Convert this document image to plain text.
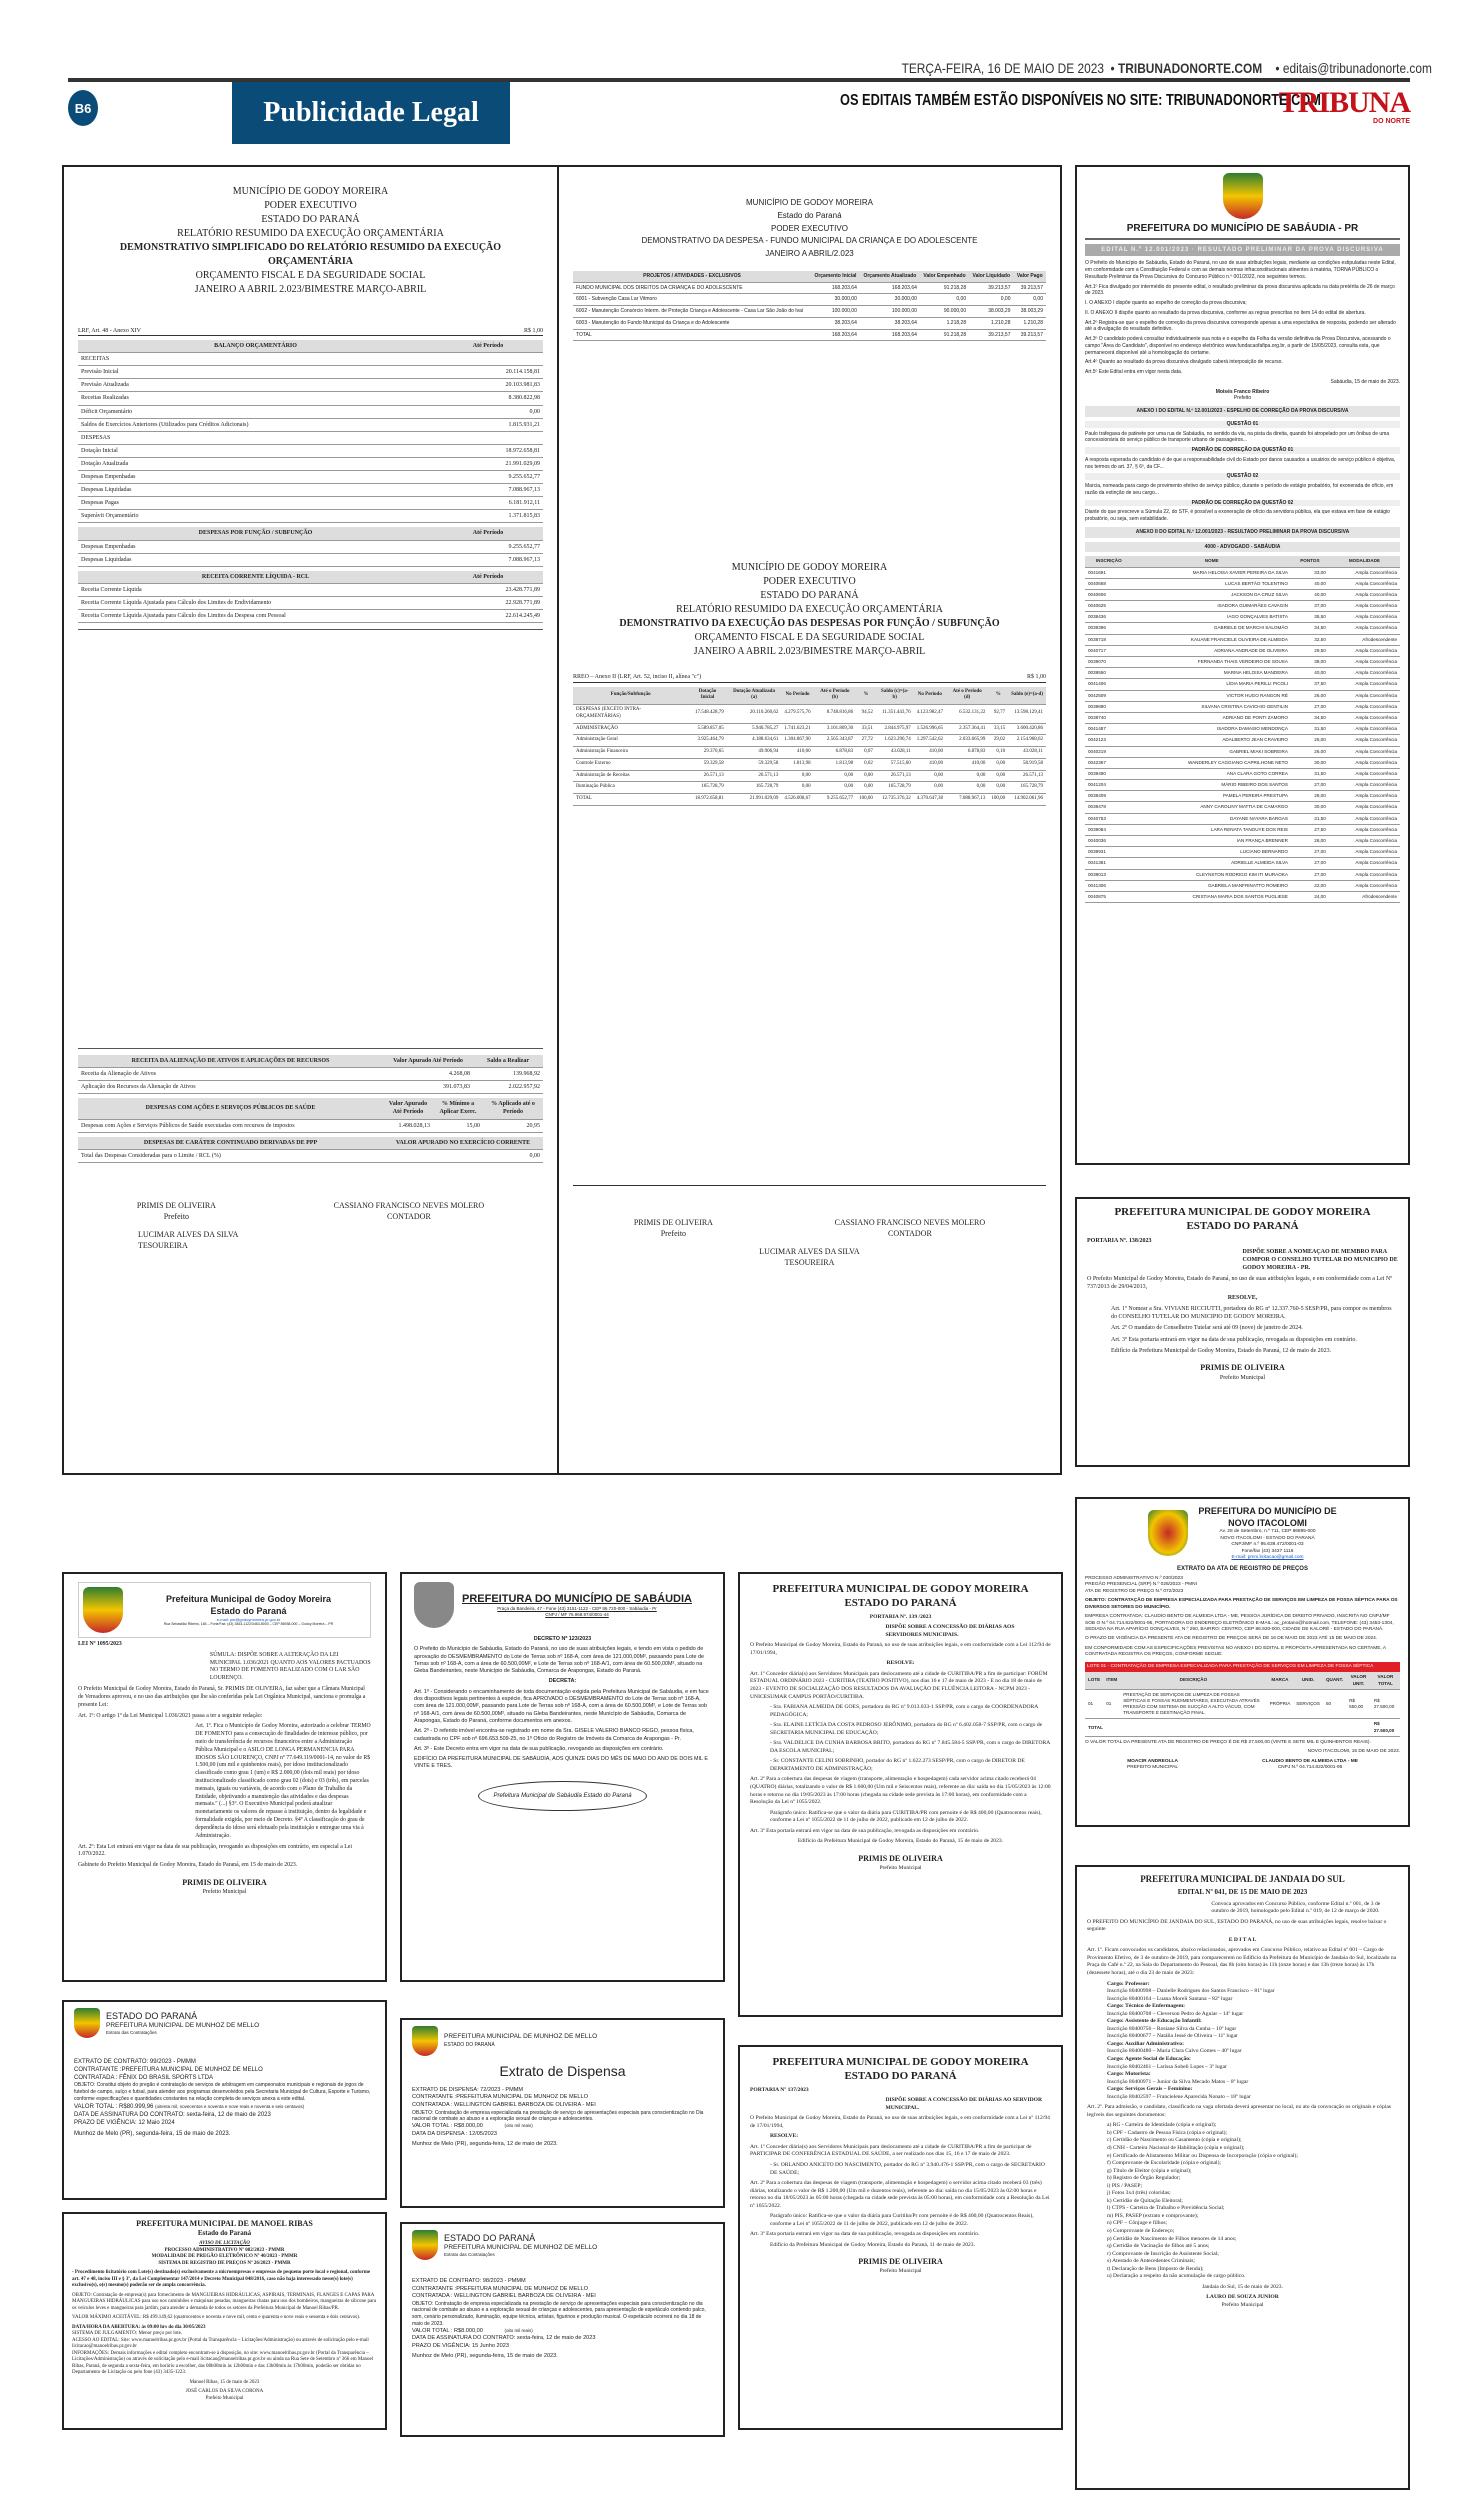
TERÇA-FEIRA, 16 DE MAIO DE 2023  • TRIBUNADONORTE.COM    • editais@tribunadonorte.com
B6	Publicidade Legal	OS EDITAIS TAMBÉM ESTÃO DISPONÍVEIS NO SITE: TRIBUNADONORTE.COM
TRIBUNA
DO NORTE
MUNICÍPIO DE GODOY MOREIRA
PODER EXECUTIVO
ESTADO DO PARANÁ
RELATÓRIO RESUMIDO DA EXECUÇÃO ORÇAMENTÁRIA
DEMONSTRATIVO SIMPLIFICADO DO RELATÓRIO RESUMIDO DA EXECUÇÃO ORÇAMENTÁRIA
ORÇAMENTO FISCAL E DA SEGURIDADE SOCIAL
JANEIRO A ABRIL 2.023/BIMESTRE MARÇO-ABRIL
LRF, Art. 48 - Anexo XIV	R$ 1,00
BALANÇO ORÇAMENTÁRIO	Até Período
RECEITAS	
Previsão Inicial	20.114.158,81
Previsão Atualizada	20.103.981,83
Receitas Realizadas	8.380.822,98
Déficit Orçamentário	0,00
Saldos de Exercícios Anteriores (Utilizados para Créditos Adicionais)	1.815.931,21
DESPESAS	
Dotação Inicial	18.972.658,81
Dotação Atualizada	21.991.029,09
Despesas Empenhadas	9.255.652,77
Despesas Liquidadas	7.088.967,13
Despesas Pagas	6.181.912,11
Superávit Orçamentário	1.371.815,83
DESPESAS POR FUNÇÃO / SUBFUNÇÃO	Até Período
Despesas Empenhadas	9.255.652,77
Despesas Liquidadas	7.088.967,13
RECEITA CORRENTE LÍQUIDA - RCL	Até Período
Receita Corrente Líquida	23.428.771,89
Receita Corrente Líquida Ajustada para Cálculo dos Limites de Endividamento	22.928.771,89
Receita Corrente Líquida Ajustada para Cálculo dos Limites da Despesa com Pessoal	22.614.245,49
RECEITA DA ALIENAÇÃO DE ATIVOS E APLICAÇÕES DE RECURSOS	Valor Apurado Até Período	Saldo a Realizar
Receita da Alienação de Ativos	4.268,08	139.968,92
Aplicação dos Recursos da Alienação de Ativos	391.073,83	2.022.957,92
DESPESAS COM AÇÕES E SERVIÇOS PÚBLICOS DE SAÚDE	Valor Apurado Até Período	% Mínimo a Aplicar Exerc.	% Aplicado até o Período
Despesas com Ações e Serviços Públicos de Saúde executadas com recursos de impostos	1.498.028,13	15,00	20,95
DESPESAS DE CARÁTER CONTINUADO DERIVADAS DE PPP	VALOR APURADO NO EXERCÍCIO CORRENTE
Total das Despesas Consideradas para o Limite / RCL (%)	0,00
PRIMIS DE OLIVEIRA
Prefeito
CASSIANO FRANCISCO NEVES MOLERO
CONTADOR
LUCIMAR ALVES DA SILVA
TESOUREIRA
MUNICÍPIO DE GODOY MOREIRA
Estado do Paraná
PODER EXECUTIVO
DEMONSTRATIVO DA DESPESA - FUNDO MUNICIPAL DA CRIANÇA E DO ADOLESCENTE
JANEIRO A ABRIL/2.023
PROJETOS / ATIVIDADES - EXCLUSIVOS	Orçamento Inicial	Orçamento Atualizado	Valor Empenhado	Valor Liquidado	Valor Pago
FUNDO MUNICIPAL DOS DIREITOS DA CRIANÇA E DO ADOLESCENTE	168.203,64	168.203,64	91.218,28	39.213,57	39.213,57
6001 - Subvenção Casa Lar Vitmoro	30.000,00	30.000,00	0,00	0,00	0,00
6002 - Manutenção Consórcio Interm. de Proteção Criança e Adolescente - Casa Lar São João do Ivaí	100.000,00	100.000,00	90.000,00	38.003,29	38.003,29
6003 - Manutenção do Fundo Municipal da Criança e do Adolescente	38.203,64	38.203,64	1.218,28	1.210,28	1.210,28
TOTAL	168.203,64	168.203,64	91.218,28	39.213,57	39.213,57
MUNICÍPIO DE GODOY MOREIRA
PODER EXECUTIVO
ESTADO DO PARANÁ
RELATÓRIO RESUMIDO DA EXECUÇÃO ORÇAMENTÁRIA
DEMONSTRATIVO DA EXECUÇÃO DAS DESPESAS POR FUNÇÃO / SUBFUNÇÃO
ORÇAMENTO FISCAL E DA SEGURIDADE SOCIAL
JANEIRO A ABRIL 2.023/BIMESTRE MARÇO-ABRIL
RREO – Anexo II (LRF, Art. 52, inciso II, alínea "c")	R$ 1,00
Função/Subfunção	Dotação Inicial	Dotação Atualizada (a)	No Período	Até o Período (b)	%	Saldo (c)=(a-b)	No Período	Até o Período (d)	%	Saldo (e)=(a-d)
DESPESAS (EXCETO INTRA-ORÇAMENTÁRIAS)	17.548.428,79	20.110.260,62	4.279.575,76	8.748.816,86	94,52	11.351.443,76	4.123.982,47	6.532.131,22	92,77	13.598.129,41
ADMINISTRAÇÃO	5.589.857,05	5.946.785,27	1.741.623,21	3.101.809,30	33,51	2.844.975,97	1.526.996,65	2.357.364,41	33,15	3.600.420,86
Administração Geral	3.925.464,79	4.188.634,61	1.304.867,90	2.565.343,87	27,72	1.623.290,74	1.297.542,62	2.033.665,99	29,02	2.154.968,62
Administração Financeira	29.370,65	49.906,94	410,00	6.878,83	0,07	43.028,11	410,00	6.878,83	0,10	43.028,11
Controle Externo	59.329,58	59.329,58	1.813,98	1.813,98	0,02	57.515,60	410,00	410,00	0,00	58.919,58
Administração de Receitas	26.571,13	26.571,13	0,00	0,00	0,00	26.571,13	0,00	0,00	0,00	26.571,13
Iluminação Pública	165.728,79	165.728,79	0,00	0,00	0,00	165.728,79	0,00	0,00	0,00	165.728,79
TOTAL	18.972.658,81	21.991.029,09	4.526.008,67	9.255.652,77	100,00	12.735.376,32	4.370.647,38	7.088.967,13	100,00	14.902.061,96
PRIMIS DE OLIVEIRA
Prefeito
CASSIANO FRANCISCO NEVES MOLERO
CONTADOR
LUCIMAR ALVES DA SILVA
TESOUREIRA
PREFEITURA DO MUNICÍPIO DE SABÁUDIA - PR
EDITAL N.º 12.001/2023 · RESULTADO PRELIMINAR DA PROVA DISCURSIVA

O Prefeito do Município de Sabáudia, Estado do Paraná, no uso de suas atribuições legais, mediante as condições estipuladas neste Edital, em conformidade com a Constituição Federal e com as demais normas infraconstitucionais atinentes à matéria, TORNA PÚBLICO o Resultado Preliminar da Prova Discursiva do Concurso Público n.º 001/2022, nos seguintes termos.

Art.1º Fica divulgado por intermédio do presente edital, o resultado preliminar da prova discursiva aplicada na data pretérita de 26 de março de 2023.

I. O ANEXO I dispõe quanto ao espelho de correção da prova discursiva;

II. O ANEXO II dispõe quanto ao resultado da prova discursiva, conforme as regras prescritas no item 14 do edital de abertura.

Art.2º Registra-se que o espelho de correção da prova discursiva corresponde apenas a uma expectativa de resposta, podendo ser alterado até a divulgação do resultado definitivo.

Art.3º O candidato poderá consultar individualmente sua nota e o espelho da Folha da versão definitiva da Prova Discursiva, acessando o campo "Área do Candidato", disponível no endereço eletrônico www.fundacaofafipa.org.br, a partir de 15/05/2023, consulta esta, que permanecerá disponível até a homologação do certame.

Art.4º Quanto ao resultado da prova discursiva divulgado caberá interposição de recurso.

Art.5º Este Edital entra em vigor nesta data.

Sabáudia, 15 de maio de 2023.

Moisés Franco Ribeiro
Prefeito
ANEXO I DO EDITAL N.º 12.001/2023 - ESPELHO DE CORREÇÃO DA PROVA DISCURSIVA
QUESTÃO 01

Paulo trafegava de patinete por uma rua de Sabáudia, no sentido da via, na pista da direita, quando foi atropelado por um ônibus de uma concessionária do serviço público de transporte urbano de passageiros...

PADRÃO DE CORREÇÃO DA QUESTÃO 01

A resposta esperada do candidato é de que a responsabilidade civil do Estado por danos causados a usuários do serviço público é objetiva, nos termos do art. 37, § 6º, da CF...

QUESTÃO 02

Marcia, nomeada para cargo de provimento efetivo de serviço público, durante o período de estágio probatório, foi exonerada de ofício, em razão da extinção de seu cargo...

PADRÃO DE CORREÇÃO DA QUESTÃO 02

Diante do que prescreve a Súmula 22, do STF, é possível a exoneração de ofício da servidora pública, ela que estava em fase de estágio probatório, ou seja, sem estabilidade.

ANEXO II DO EDITAL N.º 12.001/2023 - RESULTADO PRELIMINAR DA PROVA DISCURSIVA
4000 - ADVOGADO - SABÁUDIA
INSCRIÇÃO	NOME	PONTOS	MODALIDADE
0041691	MARIA HELOISA XAVIER PEREIRA DA SILVA	33,00	Ampla Concorrência
0040668	LUCAS BERTÃO TOLENTINO	40,00	Ampla Concorrência
0040606	JACKSON DA CRUZ SILVA	40,00	Ampla Concorrência
0040625	ISADORA GUIMARÃES CAVAGIN	37,00	Ampla Concorrência
0038436	IAGO GONÇALVES BATISTA	35,50	Ampla Concorrência
0039396	GABRIELE DE MARCHI SALOMÃO	34,50	Ampla Concorrência
0038718	KAUANE FRANCIELE OLIVEIRA DE ALMEIDA	32,50	Afrodescendente
0040717	ADRIANA ANDRADE DE OLIVEIRA	29,50	Ampla Concorrência
0039070	FERNANDA THAIS VERDEIRO DE SOUSA	38,00	Ampla Concorrência
0039550	MARINA HELOISA MANDEIRA	40,00	Ampla Concorrência
0041406	LÍDIA MARIA PERILLI PICOLI	37,50	Ampla Concorrência
0042509	VICTOR HUGO RANGON RÉ	26,00	Ampla Concorrência
0039890	SILVANA CRISTINA CAVICHIO GENTILIN	27,00	Ampla Concorrência
0038740	ADRIANO DE PONTI ZAMORO	34,50	Ampla Concorrência
0041487	ISADORA DAMASIO MENDONÇA	31,50	Ampla Concorrência
0042123	ADALBERTO JEAN CRAVEIRO	25,00	Ampla Concorrência
0040219	GABRIEL MIAKI SOBREIRA	26,00	Ampla Concorrência
0042367	WANDERLEY CAGGIANO CAPRILHONE NETO	30,00	Ampla Concorrência
0039490	ANA CLARA GOTO CORREA	31,50	Ampla Concorrência
0041204	MÁRIO RIBEIRO DOS SANTOS	27,00	Ampla Concorrência
0038409	PAMELA PEREIRA PRESTUPA	28,00	Ampla Concorrência
0039478	ANNY CAROLINY MATTIA DE CAMARGO	30,00	Ampla Concorrência
0040753	DAYANE NAYARA BARGAS	31,50	Ampla Concorrência
0039084	LARA RENATA TANOUYE DOS REIS	27,50	Ampla Concorrência
0040036	IAN FRANÇA BRENNER	26,00	Ampla Concorrência
0039931	LUCIANO BERNARDO	27,00	Ampla Concorrência
0041381	ADRIELLE ALMEIDA SILVA	27,00	Ampla Concorrência
0039013	CLEYNSTON RODRIGO KIM ITI MURAOKA	27,00	Ampla Concorrência
0041306	GABRIELA MANFRINATTO ROMEIRO	22,00	Ampla Concorrência
0040875	CRISTIANA MARIA DOS SANTOS PUGLIESE	24,00	Afrodescendente
PREFEITURA MUNICIPAL DE GODOY MOREIRA
ESTADO DO PARANÁ

PORTARIA Nº. 138/2023

DISPÕE SOBRE A NOMEAÇAO DE MEMBRO PARA COMPOR O CONSELHO TUTELAR DO MUNICIPIO DE GODOY MOREIRA - PR.

O Prefeito Municipal de Godoy Moreira, Estado do Paraná, no uso de suas atribuições legais, e em conformidade com a Lei Nº 737/2013 de 29/04/2013,

RESOLVE,

Art. 1º Nomear a Sra. VIVIANE RICCIUTTI, portadora do RG nº 12.337.760-5 SESP/PR, para compor os membros do CONSELHO TUTELAR DO MUNICIPIO DE GODOY MOREIRA.

Art. 2º O mandato de Conselheiro Tutelar será até 09 (nove) de janeiro de 2024.

Art. 3º Esta portaria entrará em vigor na data de sua publicação, revogada as disposições em contrário.

Edifício da Prefeitura Municipal de Godoy Moreira, Estado do Paraná, 12 de maio de 2023.

PRIMIS DE OLIVEIRA
Prefeito Municipal
PREFEITURA DO MUNICÍPIO DE
NOVO ITACOLOMI
Av. 28 de Setembro, n.º 711, CEP 86895-000
NOVO ITACOLOMI - ESTADO DO PARANÁ
CNPJ/MF n.º 95.639.472/0001-03
Fone/fax (43) 3437 1116
E-mail: pmni.licitacao@gmail.com

EXTRATO DA ATA DE REGISTRO DE PREÇOS

PROCESSO ADMINISTRATIVO N.º 030/2023
PREGÃO PRESENCIAL (SRP) N.º 026/2023 - PMNI
ATA DE REGISTRO DE PREÇO N.º 072/2023

OBJETO: CONTRATAÇÃO DE EMPRESA ESPECIALIZADA PARA PRESTAÇÃO DE SERVIÇOS EM LIMPEZA DE FOSSA SÉPTICA PARA OS DIVERSOS SETORES DO MUNICÍPIO.

EMPRESA CONTRATADA: CLAUDIO BENTO DE ALMEIDA LTDA - ME, PESSOA JURÍDICA DE DIREITO PRIVADO, INSCRITA NO CNPJ/MF SOB O N.º 04.714.822/0001-95, PORTADORA DO ENDEREÇO ELETRÔNICO E-MAIL: ac_protano@hotmail.com, TELEFONE: (43) 3453-1304, SEDIADA NA RUA APARÍCIO GONÇALVES, N.º 290, BAIRRO: CENTRO, CEP 86.920-000, CIDADE DE KALORÉ - ESTADO DO PARANÁ.

O PRAZO DE VIGÊNCIA DA PRESENTE ATA DE REGISTRO DE PREÇOS SERÁ DE 16 DE MAIO DE 2023 ATÉ 15 DE MAIO DE 2024.

EM CONFORMIDADE COM AS ESPECIFICAÇÕES PREVISTAS NO ANEXO I DO EDITAL E PROPOSTA APRESENTADA NO CERTAME, A CONTRATADA REGISTRA OS PREÇOS, CONFORME SEGUE:

LOTE 01 - CONTRATAÇÃO DE EMPRESA ESPECIALIZADA PARA PRESTAÇÃO DE SERVIÇOS EM LIMPEZA DE FOSSA SÉPTICA
LOTE	ITEM	DESCRIÇÃO	MARCA	UNID.	QUANT.	VALOR UNIT.	VALOR TOTAL
01	01	PRESTAÇÃO DE SERVIÇOS DE LIMPEZA DE FOSSAS SÉPTICAS E FOSSAS RUDIMENTARES, EXECUTADA ATRAVÉS PRESSÃO COM SISTEMA DE SUCÇÃO A ALTO VÁCUO, COM TRANSPORTE E DESTINAÇÃO FINAL.	PRÓPRIA	SERVIÇOS	50	R$ 550,00	R$ 27.500,00
TOTAL							R$ 27.500,00

O VALOR TOTAL DA PRESENTE ATA DE REGISTRO DE PREÇO É DE R$ 27.500,00 (VINTE E SETE MIL E QUINHENTOS REAIS).

NOVO ITACOLOMI, 15 DE MAIO DE 2023.

MOACIR ANDREOLLA
PREFEITO MUNICIPAL
CLAUDIO BENTO DE ALMEIDA LTDA - ME
CNPJ N.º 04.714.822/0001-95
PREFEITURA MUNICIPAL DE JANDAIA DO SUL

EDITAL Nº 041, DE 15 DE MAIO DE 2023

Convoca aprovados em Concurso Público, conforme Edital n.º 001, de 3 de outubro de 2019, homologado pelo Edital n.º 019, de 12 de março de 2020.

O PREFEITO DO MUNICÍPIO DE JANDAIA DO SUL, ESTADO DO PARANÁ, no uso de suas atribuições legais, resolve baixar o seguinte

E D I T A L

Art. 1º. Ficam convocados os candidatos, abaixo relacionados, aprovados em Concurso Público, relativo ao Edital nº 001 – Cargo de Provimento Efetivo, de 3 de outubro de 2019, para comparecerem no Edifício da Prefeitura do Município de Jandaia do Sul, localizado na Praça do Café n.º 22, na Sala do Departamento do Pessoal, das 8h (oito horas) às 11h (onze horas) e das 13h (treze horas) às 17h (dezessete horas), até o dia 23 de maio de 2023:

Cargo: Professor:
Inscrição 80400998 – Danielle Rodrigues dos Santos Francisco – 81º lugar
Inscrição 80400164 – Luana Moreli Santana – 82º lugar
Cargo: Técnico de Enfermagem:
Inscrição 80400708 – Cleverson Pedro de Aguiar – 14º lugar
Cargo: Assistente de Educação Infantil:
Inscrição 80400756 – Rosiane Silva da Cunha – 10º lugar
Inscrição 80400677 – Natália Jessé de Oliveira – 11º lugar
Cargo: Auxiliar Administrativo:
Inscrição 80400480 – Maria Clara Calvo Gomes – 40º lugar
Cargo: Agente Social de Educação:
Inscrição 80402461 – Larissa Sobeli Lopes – 3º lugar
Cargo: Motorista:
Inscrição 80400971 – Junior da Silva Mecado Matos – 8º lugar
Cargo: Serviços Gerais – Feminino:
Inscrição 80402597 – Francielene Aparecida Nonato – 18º lugar

Art. 2º. Para admissão, o candidato, classificado na vaga ofertada deverá apresentar no local, no ato da convocação os originais e cópias legíveis dos seguintes documentos:

a) RG - Carteira de Identidade (cópia e original);
b) CPF - Cadastro de Pessoa Física (cópia e original);
c) Certidão de Nascimento ou Casamento (cópia e original);
d) CNH - Carteira Nacional de Habilitação (cópia e original);
e) Certificado de Alistamento Militar ou Dispensa de Incorporação (cópia e original);
f) Comprovante de Escolaridade (cópia e original);
g) Título de Eleitor (cópia e original);
h) Registro de Órgão Regulador;
i) PIS / PASEP;
j) Fotos 3x4 (três) coloridas;
k) Certidão de Quitação Eleitoral;
l) CTPS - Carteira de Trabalho e Previdência Social;
m) PIS, PASEP (extrato e comprovante);
n) CPF – Cônjuge e filhos;
o) Comprovante de Endereço;
p) Certidão de Nascimento de Filhos menores de 14 anos;
q) Certidão de Vacinação de filhos até 5 anos;
r) Comprovante de Inscrição de Assistente Social;
s) Atestado de Antecedentes Criminais;
t) Declaração de Bens (Imposto de Renda);
u) Declaração a respeito da não acumulação de cargo público.

Jandaia do Sul, 15 de maio de 2023.

LAURO DE SOUZA JUNIOR
Prefeito Municipal
Prefeitura Municipal de Godoy Moreira
Estado do Paraná
e-mail: pm@godoymoreira.pr.gov.br
Rua Sebastião Ribeiro, 184 – Fone/Fax: (43) 3463-1122/3463-8000 – CEP 86938-000 – Godoy Moreira – PR

LEI Nº 1095/2023

SÚMULA: DISPÕE SOBRE A ALTERAÇÃO DA LEI MUNICIPAL 1.036/2021 QUANTO AOS VALORES PACTUADOS NO TERMO DE FOMENTO REALIZADO COM O LAR SÃO LOURENÇO.

O Prefeito Municipal de Godoy Moreira, Estado do Paraná, Sr. PRIMIS DE OLIVEIRA, faz saber que a Câmara Municipal de Vereadores aprovou, e no uso das atribuições que lhe são conferidas pela Lei Orgânica Municipal, sanciona e promulga a presente Lei:

Art. 1º: O artigo 1º da Lei Municipal 1.036/2021 passa a ter a seguinte redação:

Art. 1º. Fica o Município de Godoy Moreira, autorizado a celebrar TERMO DE FOMENTO para a consecução de finalidades de interesse público, por meio de transferência de recursos financeiros entre a Administração Pública Municipal e o ASILO DE LONGA PERMANENCIA PARA IDOSOS SÃO LOURENÇO, CNPJ nº 77.649.119/0001-14, no valor de R$ 1.500,00 (um mil e quinhentos reais), por idoso institucionalizado classificado como grau 1 (um) e R$ 2.000,00 (dois mil reais) por idoso institucionalizado classificado como grau 02 (dois) e 03 (três), em parcelas mensais, iguais ou variáveis, de acordo com o Plano de Trabalho da Entidade, objetivando a manutenção das atividades e das despesas mensais." (...) §3º. O Executivo Municipal poderá atualizar monetariamente os valores de repasse à instituição, dentro da legalidade e formalidade exigida, por meio de Decreto. §4º A classificação do grau de dependência do idoso será efetuado pela instituição e entregue uma via à Administração.

Art. 2º: Esta Lei entrará em vigor na data de sua publicação, revogando as disposições em contrário, em especial a Lei 1.070/2022.

Gabinete do Prefeito Municipal de Godoy Moreira, Estado do Paraná, em 15 de maio de 2023.

PRIMIS DE OLIVEIRA
Prefeito Municipal
PREFEITURA DO MUNICÍPIO DE SABÁUDIA
Praça da Bandeira, 47 - Fone (43) 3151-1122 - CEP 86.720-000 - Sabáudia - Pr
CNPJ / MF 76.968.974/0001-44

DECRETO Nº 123/2023

O Prefeito do Município de Sabáudia, Estado do Paraná, no uso de suas atribuições legais, e tendo em vista o pedido de aprovação do DESMEMBRAMENTO do Lote de Terras sob nº 168-A, com área de 121.000,00M², passando para Lote de Terras sob nº 168-A, com a área de 60.500,00M², e Lote de Terras sob nº 168-A/1, com área de 60.500,00M², situado na Gleba Bandeirantes, neste Município de Sabáudia, Comarca de Arapongas, Estado do Paraná.

DECRETA:

Art. 1º - Considerando o encaminhamento de toda documentação exigida pela Prefeitura Municipal de Sabáudia, e em face dos dispositivos legais pertinentes à espécie, fica APROVADO o DESMEMBRAMENTO do Lote de Terras sob nº 168-A, com área de 121.000,00M², passando para Lote de Terras sob nº 168-A, com a área de 60.500,00M², e Lote de Terras sob nº 168-A/1, com área de 60.500,00M², situado na Gleba Bandeirantes, neste Município de Sabáudia, Comarca de Arapongas, Estado do Paraná, conforme documentos em anexos.

Art. 2º - O referido imóvel encontra-se registrado em nome da Sra. GISELE VALERIO BIANCO REGO, pessoa física, cadastrada no CPF sob nº 696.653.509-25, no 1º Ofício do Registro de Imóveis da Comarca de Arapongas - Pr.

Art. 3º - Este Decreto entra em vigor na data de sua publicação, revogando as disposições em contrário.

EDIFÍCIO DA PREFEITURA MUNICIPAL DE SABÁUDIA, AOS QUINZE DIAS DO MÊS DE MAIO DO ANO DE DOIS MIL E VINTE E TRES.

Prefeitura Municipal de Sabáudia Estado do Paraná
PREFEITURA MUNICIPAL DE GODOY MOREIRA
ESTADO DO PARANÁ

PORTARIA Nº. 139 /2023

DISPÕE SOBRE A CONCESSÃO DE DIÁRIAS AOS SERVIDORES MUNICIPAIS.

O Prefeito Municipal de Godoy Moreira, Estado do Paraná, no uso de suas atribuições legais, e em conformidade com a Lei 112/94 de 17/01/1994,

RESOLVE:

Art. 1º Conceder diária(s) aos Servidores Municipais para deslocamento até a cidade de CURITIBA/PR a fim de participar: FORÚM ESTADUAL ORDINÁRIO 2023 - CURITIBA (TEATRO POSITIVO), nos dias 16 e 17 de maio de 2023 - E no dia 18 de maio de 2023 - EVENTO DE SOCIALIZAÇÃO DOS RESULTADOS DA AVALIAÇÃO DE FLUÊNCIA LEITORA - NCPM 2023 - UNICESUMAR CAMPUS PORTÃO/CURITIBA.

- Sra. FABIANA ALMEIDA DE GOES, portadora do RG nº 9.013.033-1 SSP/PR, com o cargo de COORDENADORA PEDAGÓGICA;

- Sra. ELAINE LETÍCIA DA COSTA PEDROSO JERÔNIMO, portadora do RG nº 6.402.058-7 SSP/PR, com o cargo de SECRETARIA MUNICIPAL DE EDUCAÇÃO;

- Sra. VALDELICE DA CUNHA BARBOSA BRITO, portadora do RG nº 7.845.584-5 SSP/PR, com o cargo de DIRETORA DA ESCOLA MUNICIPAL;

- Sr. CONSTANTE CELINI SOBRINHO, portador do RG nº 1.622.273 SESP/PR, com o cargo de DIRETOR DE DEPARTAMENTO DE ADMINISTRAÇÃO;

Art. 2º Para a cobertura das despesas de viagem (transporte, alimentação e hospedagem) cada servidor acima citado receberá 04 (QUATRO) diárias, totalizando o valor de R$ 1.600,00 (Um mil e Seiscentos reais), referente ao dia: saída no dia 15/05/2023 às 12:00 horas e retorno no dia 19/05/2023 às 17:00 horas (chegada na cidade sede prevista às 17:00 horas), em conformidade com a Resolução da Lei nº 1055/2022.

Parágrafo único: Ratifica-se que o valor da diária para CURITIBA/PR com pernoite é de R$ 400,00 (Quatrocentos reais), conforme a Lei nº 1055/2022 de 11 de julho de 2022, publicado em 12 de julho de 2022.

Art. 3º Esta portaria entrará em vigor na data de sua publicação, revogada as disposições em contrário.

Edifício da Prefeitura Municipal de Godoy Moreira, Estado do Paraná, 15 de maio de 2023.

PRIMIS DE OLIVEIRA
Prefeito Municipal
ESTADO DO PARANÁ
PREFEITURA MUNICIPAL DE MUNHOZ DE MELLO
Extrato das Contratações
EXTRATO DE CONTRATO: 99/2023 - PMMM
CONTRATANTE :PREFEITURA MUNICIPAL DE MUNHOZ DE MELLO
CONTRATADA : FÊNIX DO BRASIL SPORTS LTDA
OBJETO: Constitui objeto do pregão é contratação de serviços de arbitragem em campeonatos municipais e regionais de jogos de futebol de campo, suíço e futsal, para atender aos programas desenvolvidos pela Secretaria Municipal de Cultura, Esporte e Turismo, conforme especificações e quantidades constantes na relação completa de serviços anexa a este edital.
VALOR TOTAL : R$80.999,96 (oitenta mil, novecentos e noventa e nove reais e noventa e seis centavos)
DATA DE ASSINATURA DO CONTRATO: sexta-feira, 12 de maio de 2023
PRAZO DE VIGÊNCIA: 12 Maio 2024

Munhoz de Melo (PR), segunda-feira, 15 de maio de 2023.

PREFEITURA MUNICIPAL DE MUNHOZ DE MELLO
ESTADO DO PARANÁ
Extrato de Dispensa
EXTRATO DE DISPENSA: 72/2023 - PMMM
CONTRATANTE :PREFEITURA MUNICIPAL DE MUNHOZ DE MELLO
CONTRATADA : WELLINGTON GABRIEL BARBOZA DE OLIVEIRA - MEI
OBJETO: Contratação de empresa especializada na prestação de serviço de apresentações especiais para conscientização no Dia nacional de combate ao abuso e a exploração sexual de crianças e adolescentes.
VALOR TOTAL : R$8.000,00	(oito mil reais)
DATA DA DISPENSA : 12/05/2023

Munhoz de Melo (PR), segunda-feira, 12 de maio de 2023.

ESTADO DO PARANÁ
PREFEITURA MUNICIPAL DE MUNHOZ DE MELLO
Extrato das Contratações
EXTRATO DE CONTRATO: 98/2023 - PMMM
CONTRATANTE :PREFEITURA MUNICIPAL DE MUNHOZ DE MELLO
CONTRATADA : WELLINGTON GABRIEL BARBOZA DE OLIVEIRA - MEI
OBJETO: Contratação de empresa especializada na prestação de serviço de apresentações especiais para conscientização no dia nacional de combate ao abuso e a exploração sexual de crianças e adolescentes, para apresentação de espetáculo contendo palco, som, cenário personalizado, iluminação, equipe técnica, artistas, figurinos e produção musical. O espetáculo ocorrerá no dia 18 de maio de 2023.
VALOR TOTAL : R$8.000,00	(oito mil reais)
DATA DE ASSINATURA DO CONTRATO: sexta-feira, 12 de maio de 2023
PRAZO DE VIGÊNCIA: 15 Junho 2023

Munhoz de Melo (PR), segunda-feira, 15 de maio de 2023.

PREFEITURA MUNICIPAL DE MANOEL RIBAS
Estado do Paraná
AVISO DE LICITAÇÃO
PROCESSO ADMINISTRATIVO Nº 082/2023 - PMMR
MODALIDADE DE PREGÃO ELETRÔNICO Nº 40/2023 - PMMR
SISTEMA DE REGISTRO DE PREÇOS Nº 26/2023 - PMMR

- Procedimento licitatório com Lote(s) destinado(s) exclusivamente a microempresas e empresas de pequeno porte local e regional, conforme art. 47 e 48, inciso III e § 3º, da Lei Complementar 147/2014 e Decreto Municipal 048/2016, caso não haja interessado nesse(s) lote(s) exclusivo(s), o(s) mesmo(s) poderão ser de ampla concorrência.

OBJETO: Contratação de empresa(s) para fornecimento de MANGUEIRAS HIDRÁULICAS, ASPIRAIS, TERMINAIS, FLANGES E CAPAS PARA MANGUEIRAS HIDRÁULICAS para uso nos caminhões e máquinas pesadas, mangueiras chatas para uso dos bombeiros, mangueiras de silicone para os veículos leves e mangueiras para jardim, para atender a demanda de todos os setores da Prefeitura Municipal de Manoel Ribas/PR.

VALOR MÁXIMO ACEITÁVEL: R$ 499.149,62 (quatrocentos e noventa e nove mil, cento e quarenta e nove reais e sessenta e dois centavos).

DATA/HORA DA ABERTURA: às 09:00 hrs do dia 30/05/2023
SISTEMA DE JULGAMENTO: Menor preço por lote.
ACESSO AO EDITAL: Site: www.manoelribas.pr.gov.br (Portal da Transparência – Licitações/Administração) ou através de solicitação pelo e-mail licitacao@manoelribas.pr.gov.br
INFORMAÇÕES: Demais informações e edital completo encontram-se à disposição, no site: www.manoelribas.pr.gov.br (Portal da Transparência – Licitações/Administração) ou através de solicitação pelo e-mail licitacao@manoelribas.pr.gov.br ou ainda na Rua Sete de Setembro nº 366 em Manoel Ribas, Paraná, de segunda a sexta-feira, em horário a escolher, das 08h00min às 12h00min e das 13h00min às 17h00min, poderão ser obtidas no Departamento de Licitação ou pelo fone (43) 3435-1223.

Manoel Ribas, 15 de maio de 2023

JOSÉ CARLOS DA SILVA CORONA
Prefeito Municipal
PREFEITURA MUNICIPAL DE GODOY MOREIRA
ESTADO DO PARANÁ

PORTARIA Nº 137/2023

DISPÕE SOBRE A CONCESSÃO DE DIÁRIAS AO SERVIDOR MUNICIPAL.

O Prefeito Municipal de Godoy Moreira, Estado do Paraná, no uso de suas atribuições legais, e em conformidade com a Lei nº 112/94 de 17/01/1994,

RESOLVE:

Art. 1º Conceder diária(s) aos Servidores Municipais para deslocamento até a cidade de CURITIBA/PR a fim de participar de PARTICIPAR DE CONFERÊNCIA ESTADUAL DE SAÚDE, a ser realizado nos dias 15, 16 e 17 de maio de 2023.

- Sr. ORLANDO ANICETO DO NASCIMENTO, portador do RG nº 3.940.476-1 SSP/PR, com o cargo de SECRETARIO DE SAÚDE;

Art. 2º Para a cobertura das despesas de viagem (transporte, alimentação e hospedagem) o servidor acima citado receberá 03 (três) diárias, totalizando o valor de R$ 1.200,00 (Um mil e duzentos reais), referente ao dia: saída no dia 15/05/2023 às 02:00 horas e retorno no dia 18/05/2023 às 05:00 horas (chegada na cidade sede prevista às 05:00 horas), em conformidade com a Resolução da Lei nº 1055/2022.

Parágrafo único: Ratifica-se que o valor da diária para Curitiba/Pr com pernoite é de R$ 400,00 (Quatrocentos Reais), conforme a Lei nº 1055/2022 de 11 de julho de 2022, publicado em 12 de julho de 2022.

Art. 3º Esta portaria entrará em vigor na data de sua publicação, revogada as disposições em contrário.

Edifício da Prefeitura Municipal de Godoy Moreira, Estado do Paraná, 11 de maio de 2023.

PRIMIS DE OLIVEIRA
Prefeito Municipal
